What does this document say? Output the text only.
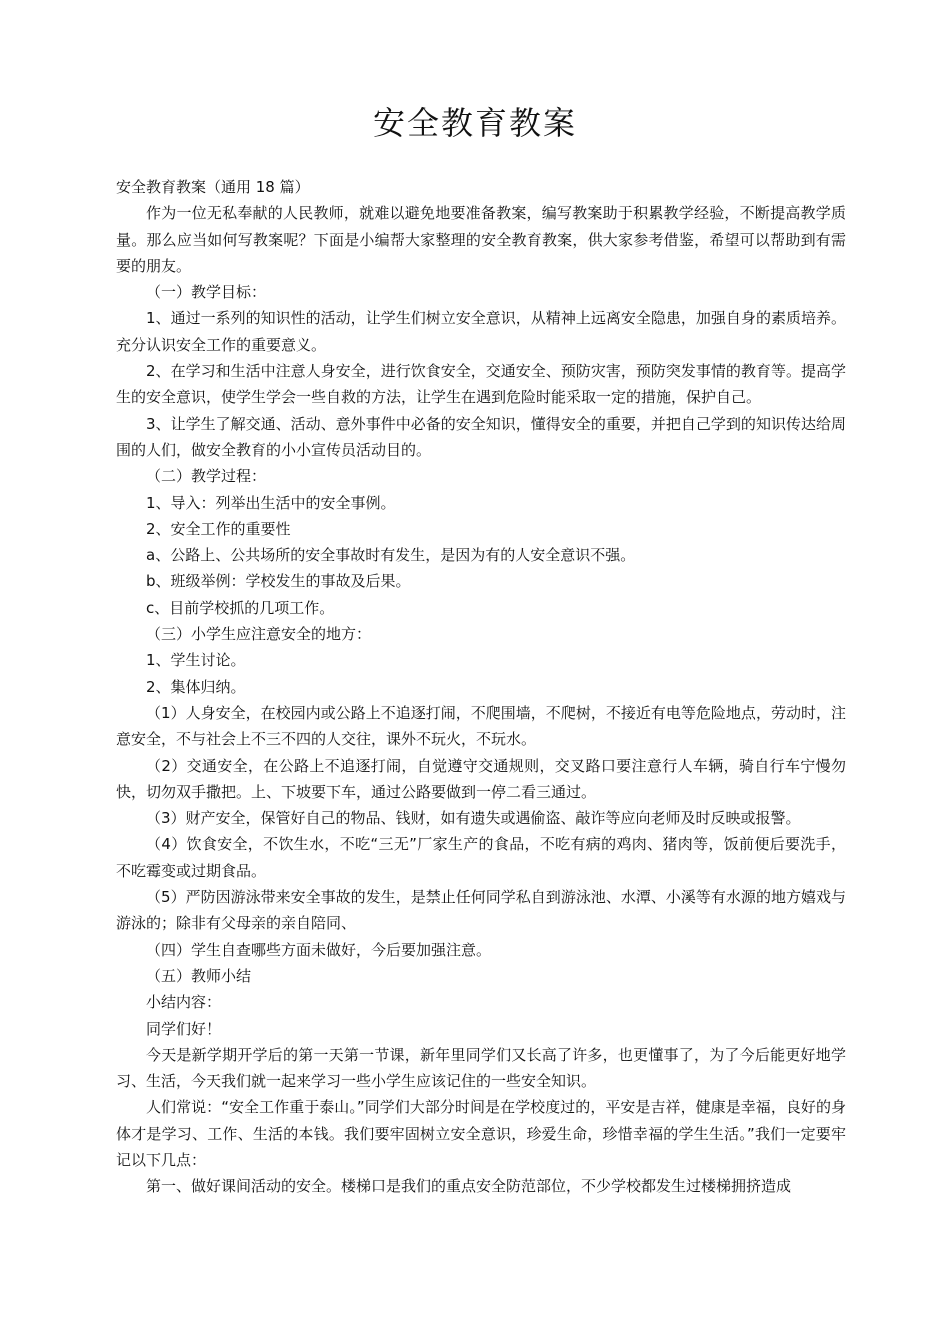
安全教育教案

安全教育教案（通用 18 篇）

作为一位无私奉献的人民教师，就难以避免地要准备教案，编写教案助于积累教学经验，不断提高教学质量。那么应当如何写教案呢？下面是小编帮大家整理的安全教育教案，供大家参考借鉴，希望可以帮助到有需要的朋友。

（一）教学目标：

1、通过一系列的知识性的活动，让学生们树立安全意识，从精神上远离安全隐患，加强自身的素质培养。充分认识安全工作的重要意义。

2、在学习和生活中注意人身安全，进行饮食安全，交通安全、预防灾害，预防突发事情的教育等。提高学生的安全意识，使学生学会一些自救的方法，让学生在遇到危险时能采取一定的措施，保护自己。

3、让学生了解交通、活动、意外事件中必备的安全知识，懂得安全的重要，并把自己学到的知识传达给周围的人们，做安全教育的小小宣传员活动目的。

（二）教学过程：

1、导入：列举出生活中的安全事例。

2、安全工作的重要性

a、公路上、公共场所的安全事故时有发生，是因为有的人安全意识不强。

b、班级举例：学校发生的事故及后果。

c、目前学校抓的几项工作。

（三）小学生应注意安全的地方：

1、学生讨论。

2、集体归纳。

（1）人身安全，在校园内或公路上不追逐打闹，不爬围墙，不爬树，不接近有电等危险地点，劳动时，注意安全，不与社会上不三不四的人交往，课外不玩火，不玩水。

（2）交通安全，在公路上不追逐打闹，自觉遵守交通规则，交叉路口要注意行人车辆，骑自行车宁慢勿快，切勿双手撒把。上、下坡要下车，通过公路要做到一停二看三通过。

（3）财产安全，保管好自己的物品、钱财，如有遗失或遇偷盗、敲诈等应向老师及时反映或报警。

（4）饮食安全，不饮生水，不吃“三无”厂家生产的食品，不吃有病的鸡肉、猪肉等，饭前便后要洗手，不吃霉变或过期食品。

（5）严防因游泳带来安全事故的发生，是禁止任何同学私自到游泳池、水潭、小溪等有水源的地方嬉戏与游泳的；除非有父母亲的亲自陪同、

（四）学生自查哪些方面未做好，今后要加强注意。

（五）教师小结

小结内容：

同学们好！

今天是新学期开学后的第一天第一节课，新年里同学们又长高了许多，也更懂事了，为了今后能更好地学习、生活，今天我们就一起来学习一些小学生应该记住的一些安全知识。

人们常说：“安全工作重于泰山。”同学们大部分时间是在学校度过的，平安是吉祥，健康是幸福，良好的身体才是学习、工作、生活的本钱。我们要牢固树立安全意识，珍爱生命，珍惜幸福的学生生活。”我们一定要牢记以下几点：

第一、做好课间活动的安全。楼梯口是我们的重点安全防范部位，不少学校都发生过楼梯拥挤造成
